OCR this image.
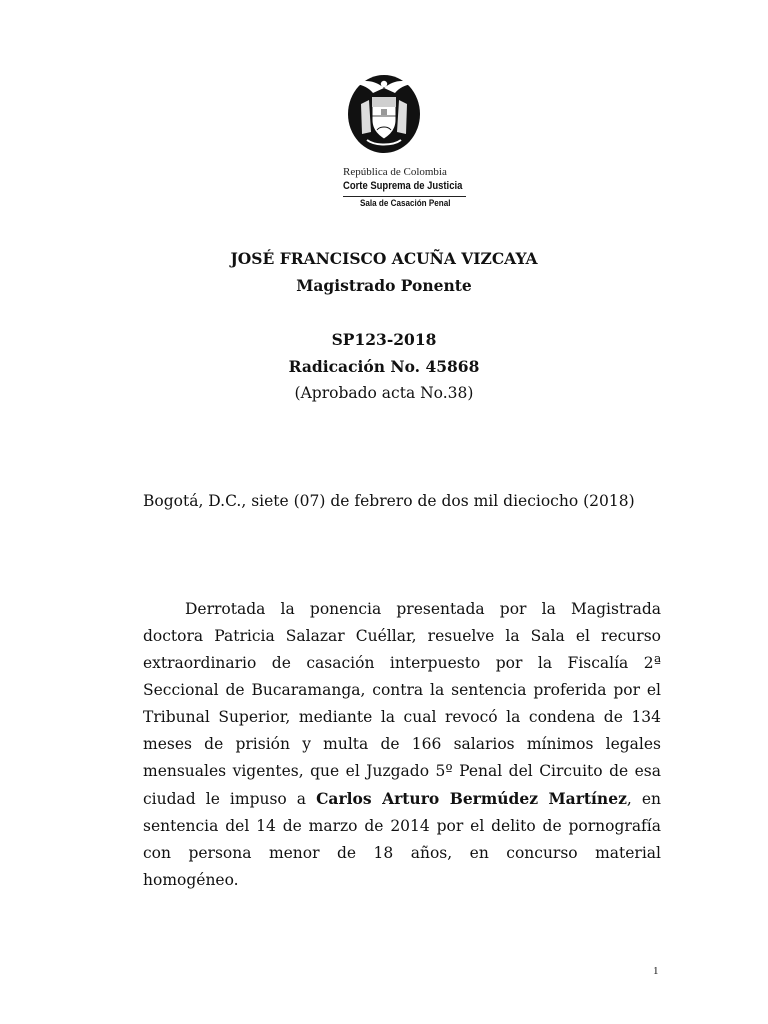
República de Colombia
Corte Suprema de Justicia
Sala de Casación Penal
JOSÉ FRANCISCO ACUÑA VIZCAYA
Magistrado Ponente
SP123-2018
Radicación No. 45868
(Aprobado acta No.38)
Bogotá, D.C., siete (07) de febrero de dos mil dieciocho (2018)
Derrotada la ponencia presentada por la Magistrada doctora Patricia Salazar Cuéllar, resuelve la Sala el recurso extraordinario de casación interpuesto por la Fiscalía 2ª Seccional de Bucaramanga, contra la sentencia proferida por el Tribunal Superior, mediante la cual revocó la condena de 134 meses de prisión y multa de 166 salarios mínimos legales mensuales vigentes, que el Juzgado 5º Penal del Circuito de esa ciudad le impuso a Carlos Arturo Bermúdez Martínez, en sentencia del 14 de marzo de 2014 por el delito de pornografía con persona menor de 18 años, en concurso material homogéneo.
1
